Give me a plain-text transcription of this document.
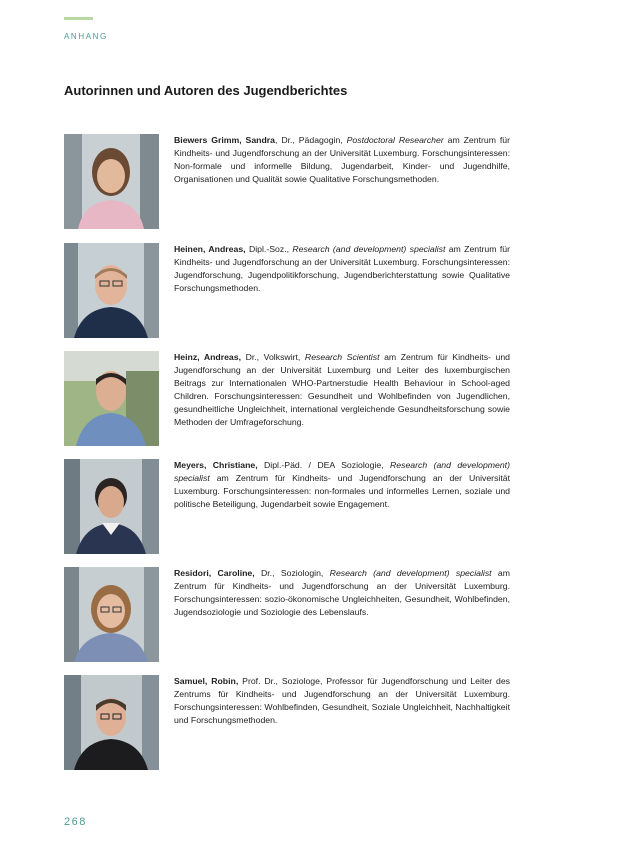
ANHANG
Autorinnen und Autoren des Jugendberichtes

Biewers Grimm, Sandra, Dr., Pädagogin, Postdoctoral Researcher am Zentrum für Kindheits- und Jugendforschung an der Universität Luxemburg. Forschungsinteressen: Non-formale und informelle Bildung, Jugendarbeit, Kinder- und Jugendhilfe, Organisationen und Qualität sowie Qualitative Forschungsmethoden.

Heinen, Andreas, Dipl.-Soz., Research (and development) specialist am Zentrum für Kindheits- und Jugendforschung an der Universität Luxemburg. Forschungsinteressen: Jugendforschung, Jugendpolitikforschung, Jugendberichterstattung sowie Qualitative Forschungsmethoden.

Heinz, Andreas, Dr., Volkswirt, Research Scientist am Zentrum für Kindheits- und Jugendforschung an der Universität Luxemburg und Leiter des luxemburgischen Beitrags zur Internationalen WHO-Partnerstudie Health Behaviour in School-aged Children. Forschungsinteressen: Gesundheit und Wohlbefinden von Jugendlichen, gesundheitliche Ungleichheit, international vergleichende Gesundheitsforschung sowie Methoden der Umfrageforschung.

Meyers, Christiane, Dipl.-Päd. / DEA Soziologie, Research (and development) specialist am Zentrum für Kindheits- und Jugendforschung an der Universität Luxemburg. Forschungsinteressen: non-formales und informelles Lernen, soziale und politische Beteiligung, Jugendarbeit sowie Engagement.

Residori, Caroline, Dr., Soziologin, Research (and development) specialist am Zentrum für Kindheits- und Jugendforschung an der Universität Luxemburg. Forschungsinteressen: sozio-ökonomische Ungleichheiten, Gesundheit, Wohlbefinden, Jugendsoziologie und Soziologie des Lebenslaufs.

Samuel, Robin, Prof. Dr., Soziologe, Professor für Jugendforschung und Leiter des Zentrums für Kindheits- und Jugendforschung an der Universität Luxemburg. Forschungsinteressen: Wohlbefinden, Gesundheit, Soziale Ungleichheit, Nachhaltigkeit und Forschungsmethoden.

268
